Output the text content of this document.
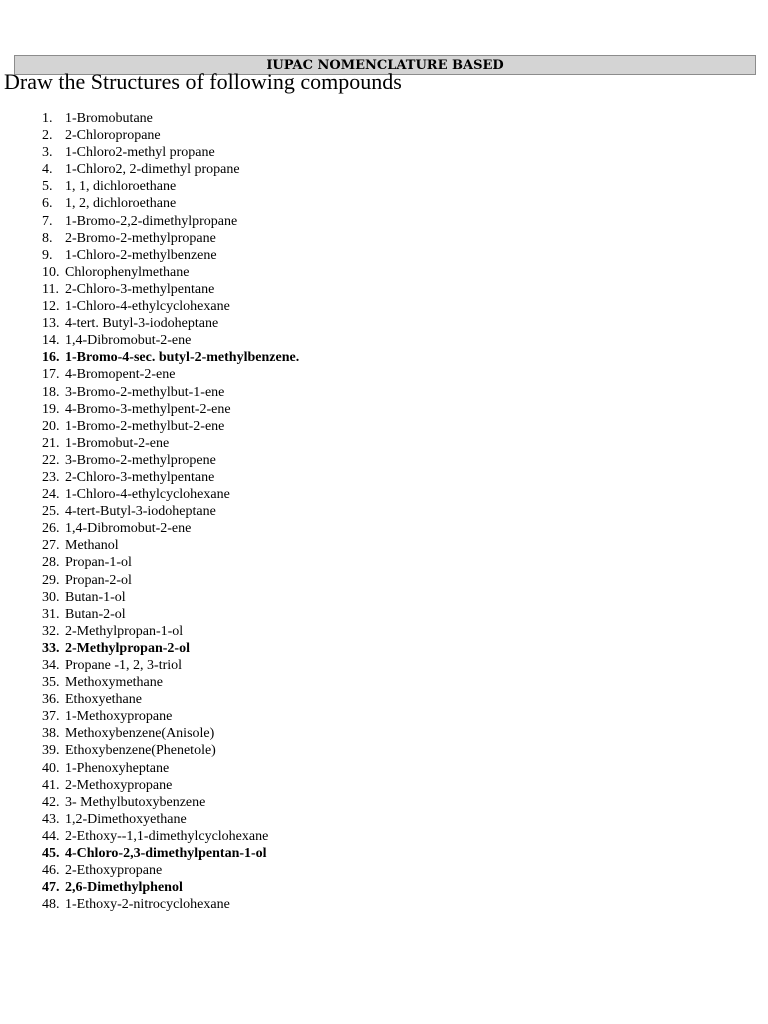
IUPAC NOMENCLATURE BASED
Draw the Structures of following compounds
1. 1-Bromobutane
2. 2-Chloropropane
3. 1-Chloro2-methyl propane
4. 1-Chloro2, 2-dimethyl propane
5. 1, 1, dichloroethane
6. 1, 2, dichloroethane
7. 1-Bromo-2,2-dimethylpropane
8. 2-Bromo-2-methylpropane
9. 1-Chloro-2-methylbenzene
10. Chlorophenylmethane
11. 2-Chloro-3-methylpentane
12. 1-Chloro-4-ethylcyclohexane
13. 4-tert. Butyl-3-iodoheptane
14. 1,4-Dibromobut-2-ene
16. 1-Bromo-4-sec. butyl-2-methylbenzene.
17. 4-Bromopent-2-ene
18. 3-Bromo-2-methylbut-1-ene
19. 4-Bromo-3-methylpent-2-ene
20. 1-Bromo-2-methylbut-2-ene
21. 1-Bromobut-2-ene
22. 3-Bromo-2-methylpropene
23. 2-Chloro-3-methylpentane
24. 1-Chloro-4-ethylcyclohexane
25. 4-tert-Butyl-3-iodoheptane
26. 1,4-Dibromobut-2-ene
27. Methanol
28. Propan-1-ol
29. Propan-2-ol
30. Butan-1-ol
31. Butan-2-ol
32. 2-Methylpropan-1-ol
33. 2-Methylpropan-2-ol
34. Propane -1, 2, 3-triol
35. Methoxymethane
36. Ethoxyethane
37. 1-Methoxypropane
38. Methoxybenzene(Anisole)
39. Ethoxybenzene(Phenetole)
40. 1-Phenoxyheptane
41. 2-Methoxypropane
42. 3- Methylbutoxybenzene
43. 1,2-Dimethoxyethane
44. 2-Ethoxy--1,1-dimethylcyclohexane
45. 4-Chloro-2,3-dimethylpentan-1-ol
46. 2-Ethoxypropane
47. 2,6-Dimethylphenol
48. 1-Ethoxy-2-nitrocyclohexane
